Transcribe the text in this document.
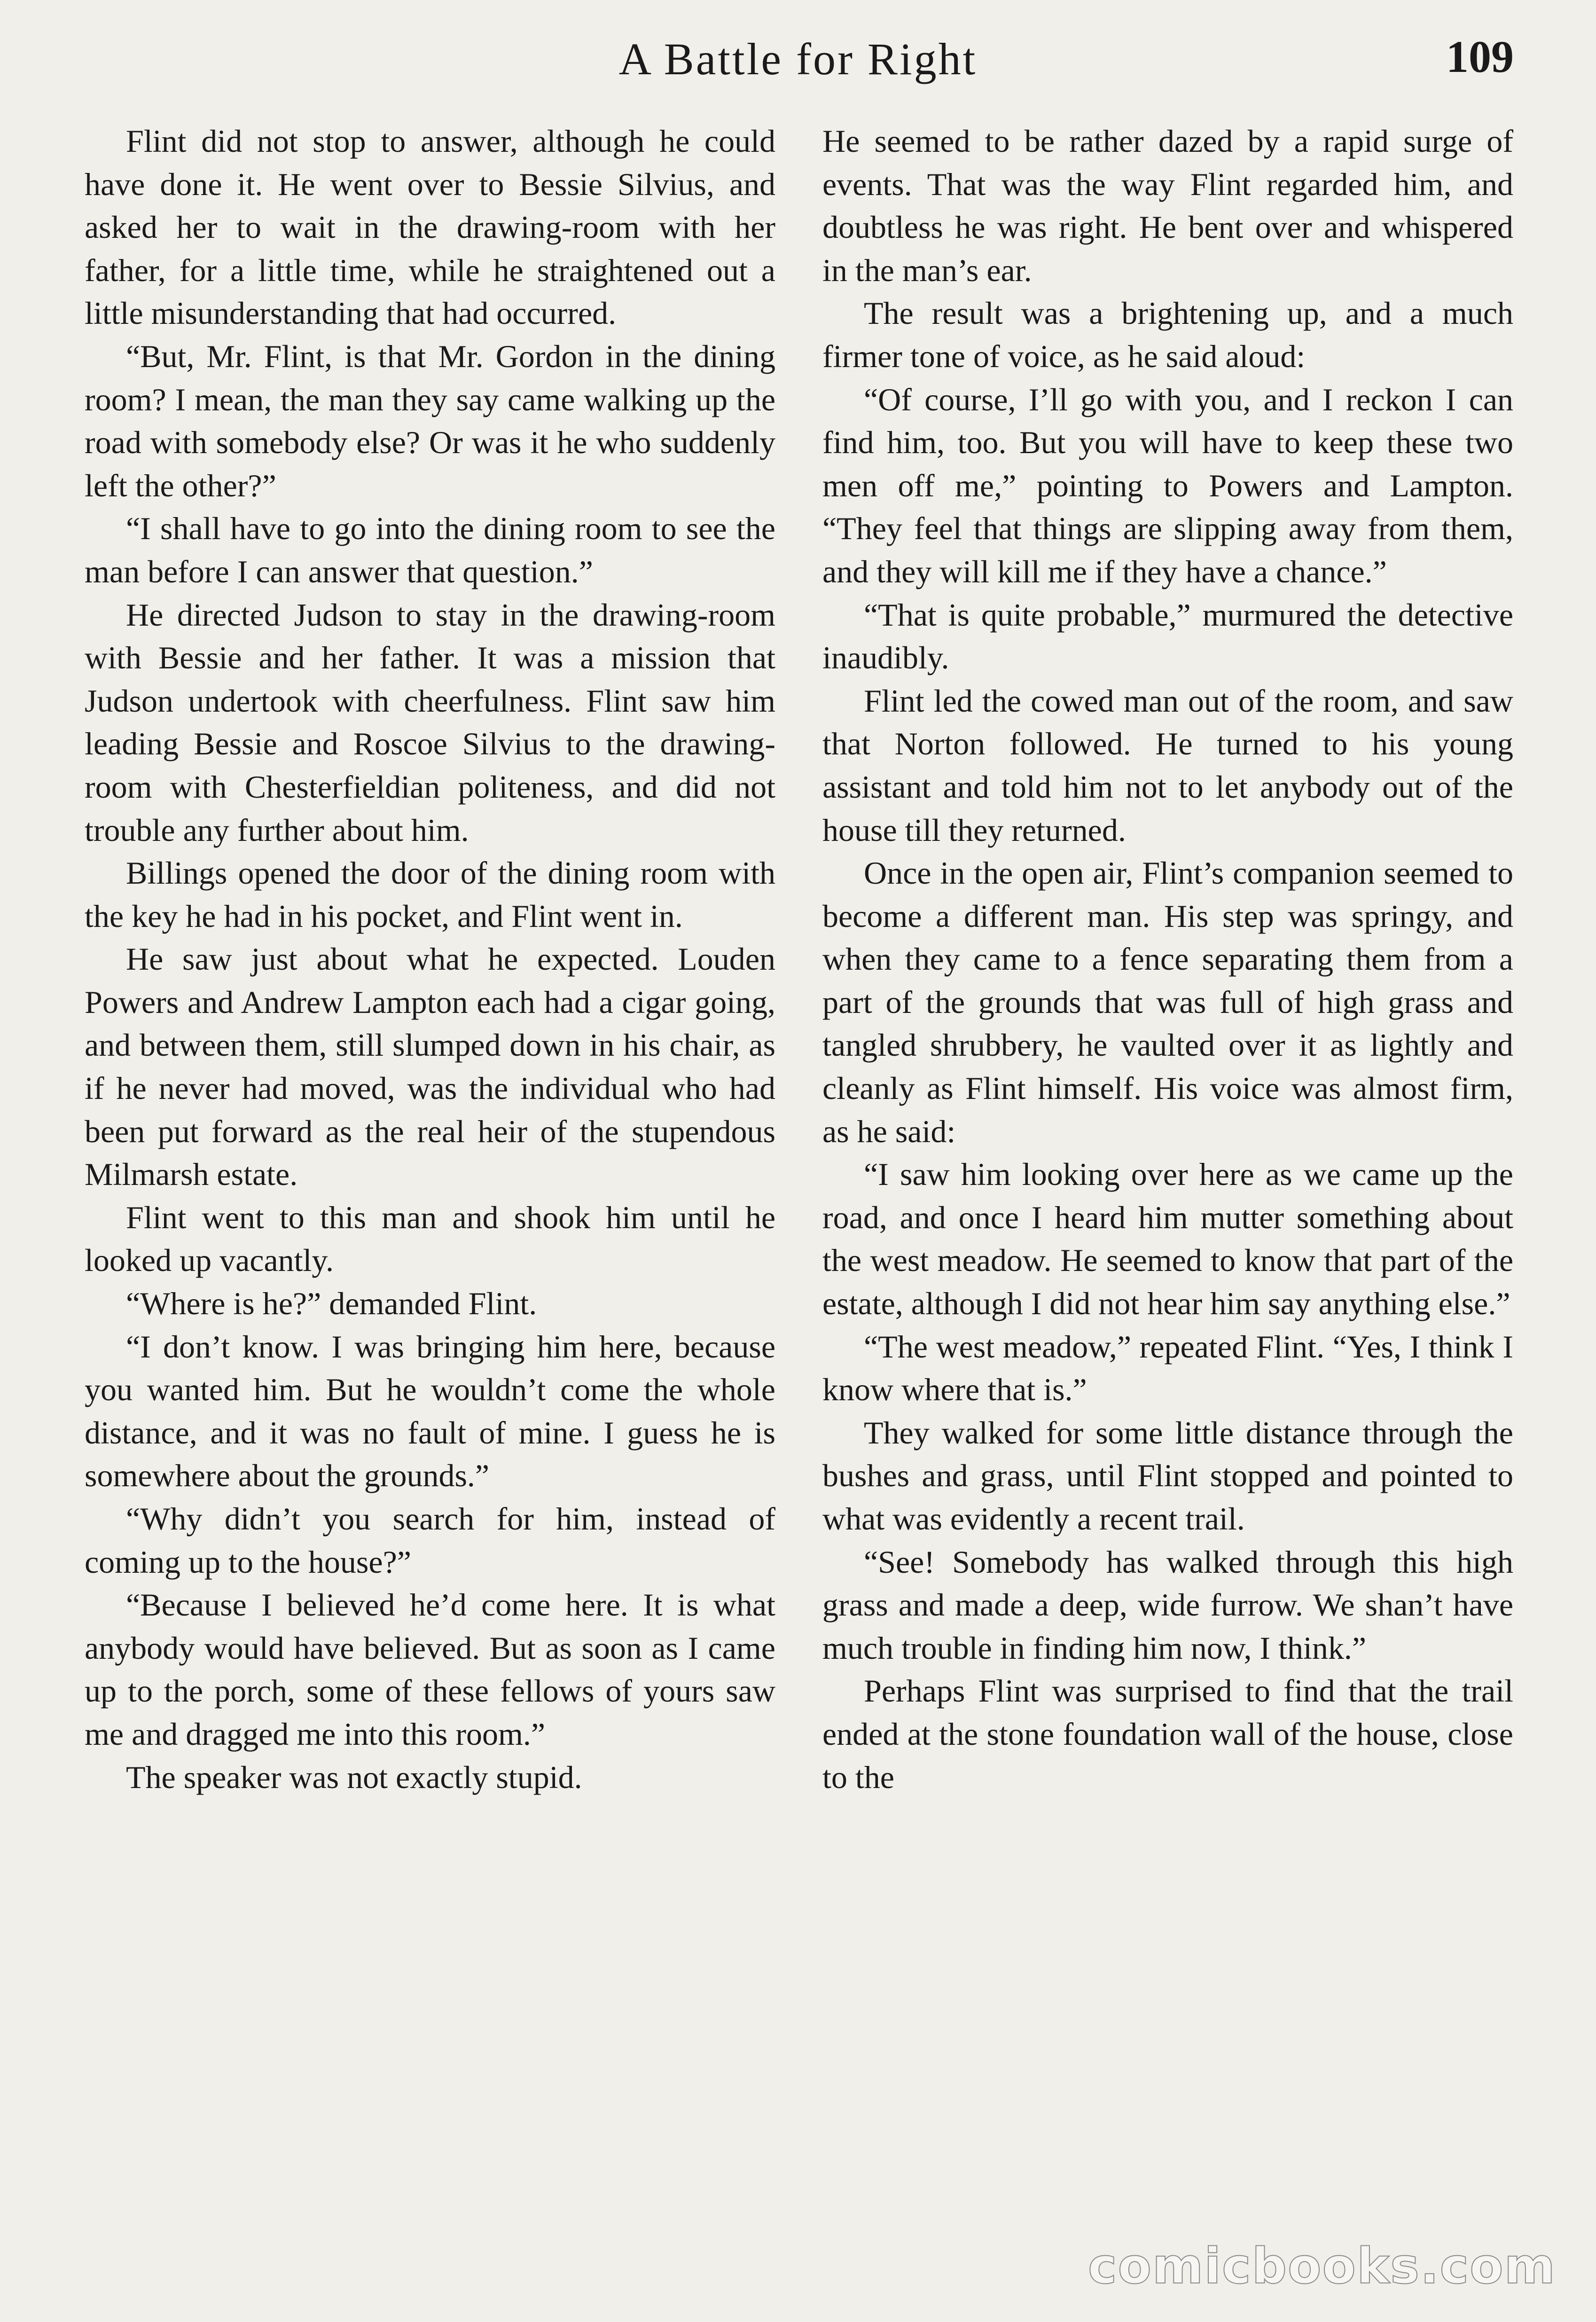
A Battle for Right	109

Flint did not stop to answer, although he could have done it. He went over to Bessie Silvius, and asked her to wait in the drawing-room with her father, for a little time, while he straightened out a little misunderstanding that had occurred.

“But, Mr. Flint, is that Mr. Gordon in the dining room? I mean, the man they say came walking up the road with somebody else? Or was it he who suddenly left the other?”

“I shall have to go into the dining room to see the man before I can answer that question.”

He directed Judson to stay in the drawing-room with Bessie and her father. It was a mission that Judson undertook with cheerfulness. Flint saw him leading Bessie and Roscoe Silvius to the drawing-room with Chesterfieldian politeness, and did not trouble any further about him.

Billings opened the door of the dining room with the key he had in his pocket, and Flint went in.

He saw just about what he expected. Louden Powers and Andrew Lampton each had a cigar going, and between them, still slumped down in his chair, as if he never had moved, was the individual who had been put forward as the real heir of the stupendous Milmarsh estate.

Flint went to this man and shook him until he looked up vacantly.

“Where is he?” demanded Flint.

“I don’t know. I was bringing him here, because you wanted him. But he wouldn’t come the whole distance, and it was no fault of mine. I guess he is somewhere about the grounds.”

“Why didn’t you search for him, instead of coming up to the house?”

“Because I believed he’d come here. It is what anybody would have believed. But as soon as I came up to the porch, some of these fellows of yours saw me and dragged me into this room.”

The speaker was not exactly stupid.

He seemed to be rather dazed by a rapid surge of events. That was the way Flint regarded him, and doubtless he was right. He bent over and whispered in the man’s ear.

The result was a brightening up, and a much firmer tone of voice, as he said aloud:

“Of course, I’ll go with you, and I reckon I can find him, too. But you will have to keep these two men off me,” pointing to Powers and Lampton. “They feel that things are slipping away from them, and they will kill me if they have a chance.”

“That is quite probable,” murmured the detective inaudibly.

Flint led the cowed man out of the room, and saw that Norton followed. He turned to his young assistant and told him not to let anybody out of the house till they returned.

Once in the open air, Flint’s companion seemed to become a different man. His step was springy, and when they came to a fence separating them from a part of the grounds that was full of high grass and tangled shrubbery, he vaulted over it as lightly and cleanly as Flint himself. His voice was almost firm, as he said:

“I saw him looking over here as we came up the road, and once I heard him mutter something about the west meadow. He seemed to know that part of the estate, although I did not hear him say anything else.”

“The west meadow,” repeated Flint. “Yes, I think I know where that is.”

They walked for some little distance through the bushes and grass, until Flint stopped and pointed to what was evidently a recent trail.

“See! Somebody has walked through this high grass and made a deep, wide furrow. We shan’t have much trouble in finding him now, I think.”

Perhaps Flint was surprised to find that the trail ended at the stone foundation wall of the house, close to the

comicbooks.com
